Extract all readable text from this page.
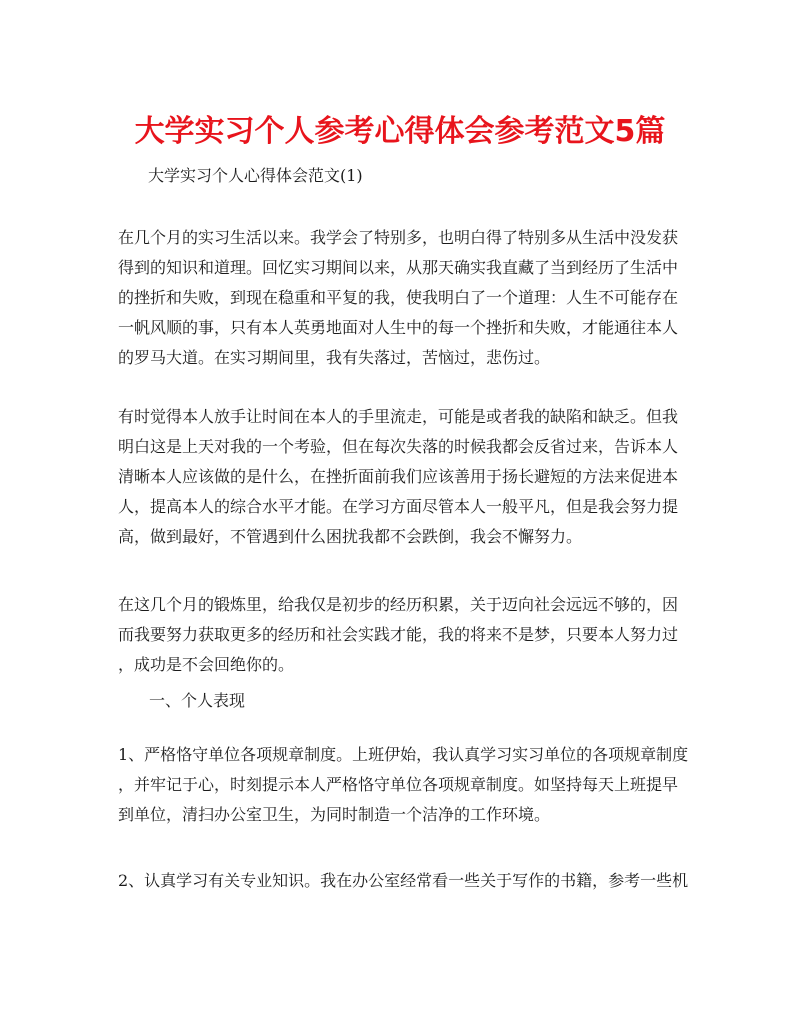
大学实习个人参考心得体会参考范文5篇
大学实习个人心得体会范文(1)

在几个月的实习生活以来。我学会了特别多，也明白得了特别多从生活中没发获
得到的知识和道理。回忆实习期间以来，从那天确实我直藏了当到经历了生活中
的挫折和失败，到现在稳重和平复的我，使我明白了一个道理：人生不可能存在
一帆风顺的事，只有本人英勇地面对人生中的每一个挫折和失败，才能通往本人
的罗马大道。在实习期间里，我有失落过，苦恼过，悲伤过。

有时觉得本人放手让时间在本人的手里流走，可能是或者我的缺陷和缺乏。但我
明白这是上天对我的一个考验，但在每次失落的时候我都会反省过来，告诉本人
清晰本人应该做的是什么，在挫折面前我们应该善用于扬长避短的方法来促进本
人，提高本人的综合水平才能。在学习方面尽管本人一般平凡，但是我会努力提
高，做到最好，不管遇到什么困扰我都不会跌倒，我会不懈努力。

在这几个月的锻炼里，给我仅是初步的经历积累，关于迈向社会远远不够的，因
而我要努力获取更多的经历和社会实践才能，我的将来不是梦，只要本人努力过
，成功是不会回绝你的。

一、个人表现

1、严格恪守单位各项规章制度。上班伊始，我认真学习实习单位的各项规章制度
，并牢记于心，时刻提示本人严格恪守单位各项规章制度。如坚持每天上班提早
到单位，清扫办公室卫生，为同时制造一个洁净的工作环境。

2、认真学习有关专业知识。我在办公室经常看一些关于写作的书籍，参考一些机
